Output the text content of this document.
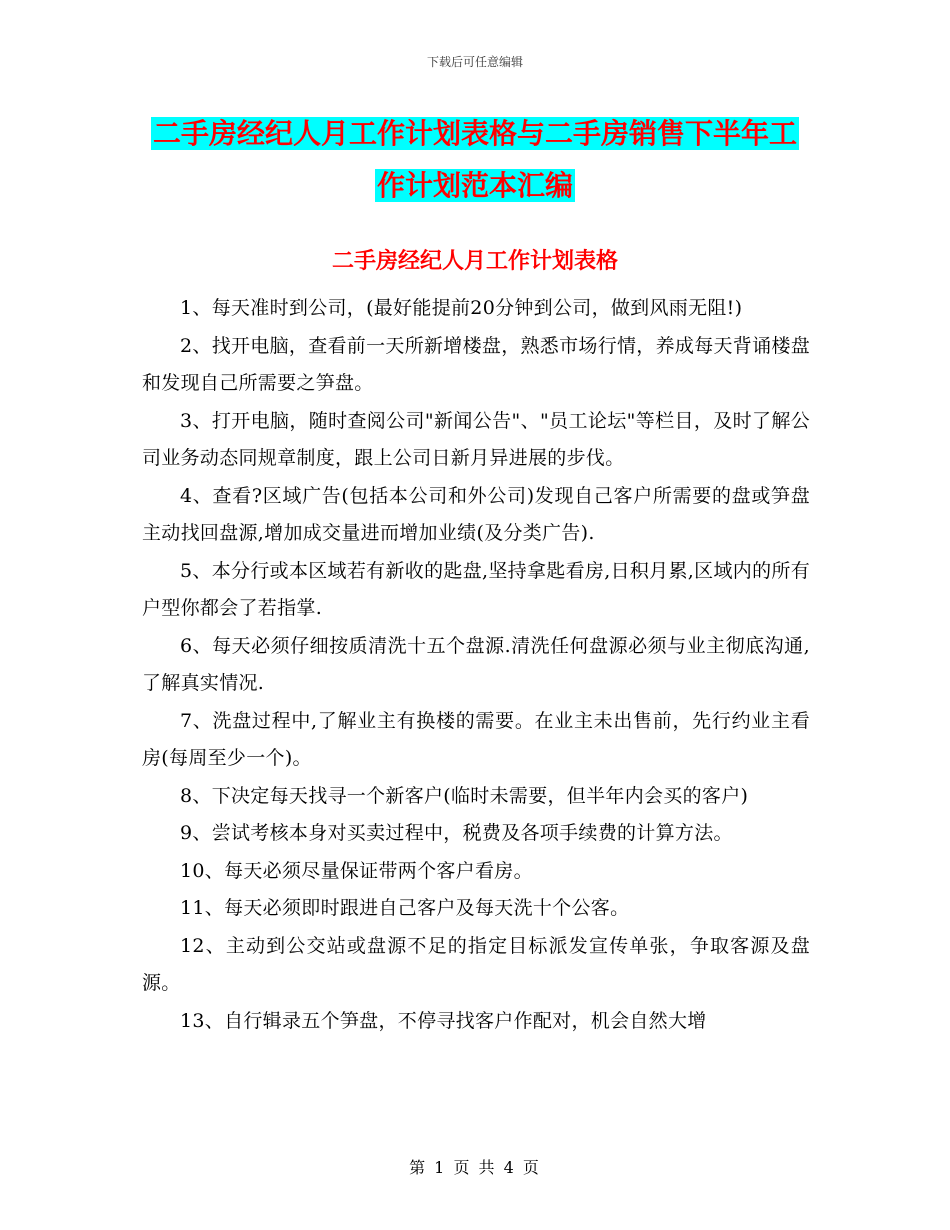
下载后可任意编辑
二手房经纪人月工作计划表格与二手房销售下半年工
作计划范本汇编
二手房经纪人月工作计划表格

1、每天准时到公司，(最好能提前20分钟到公司，做到风雨无阻!)

2、找开电脑，查看前一天所新增楼盘，熟悉市场行情，养成每天背诵楼盘和发现自己所需要之笋盘。

3、打开电脑，随时查阅公司"新闻公告"、"员工论坛"等栏目，及时了解公司业务动态同规章制度，跟上公司日新月异进展的步伐。

4、查看?区域广告(包括本公司和外公司)发现自己客户所需要的盘或笋盘主动找回盘源,增加成交量进而增加业绩(及分类广告).

5、本分行或本区域若有新收的匙盘,坚持拿匙看房,日积月累,区域内的所有户型你都会了若指掌.

6、每天必须仔细按质清洗十五个盘源.清洗任何盘源必须与业主彻底沟通,了解真实情况.

7、洗盘过程中,了解业主有换楼的需要。在业主未出售前，先行约业主看房(每周至少一个)。

8、下决定每天找寻一个新客户(临时未需要，但半年内会买的客户)

9、尝试考核本身对买卖过程中，税费及各项手续费的计算方法。

10、每天必须尽量保证带两个客户看房。

11、每天必须即时跟进自己客户及每天洗十个公客。

12、主动到公交站或盘源不足的指定目标派发宣传单张，争取客源及盘源。

13、自行辑录五个笋盘，不停寻找客户作配对，机会自然大增

第 1 页 共 4 页
